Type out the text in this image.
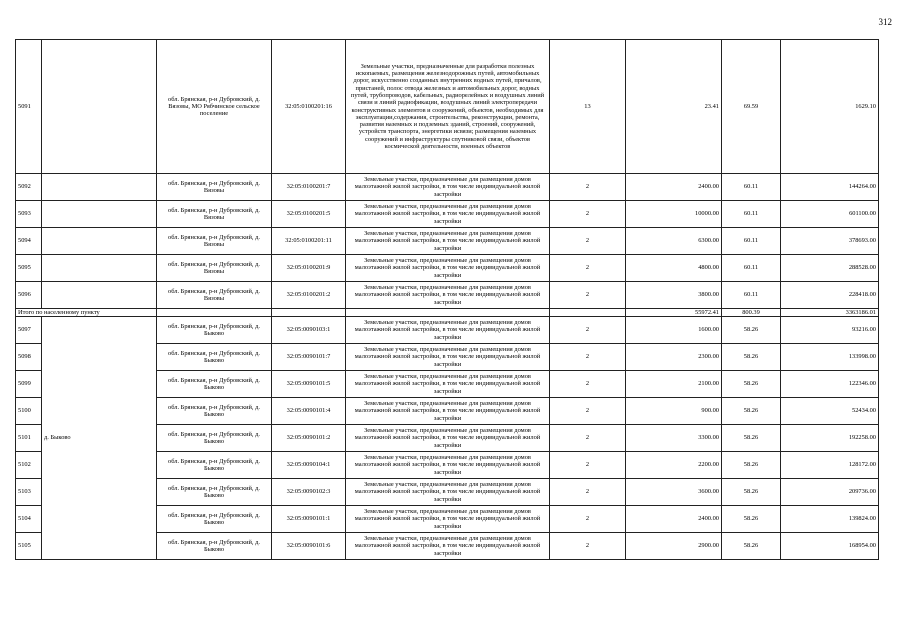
312
5091		обл. Брянская, р-н Дубровский, д. Вязовы, МО Рябчинское сельское поселение	32:05:0100201:16	Земельные участки, предназначенные для разработки полезных ископаемых, размещения железнодорожных путей, автомобильных дорог, искусственно созданных внутренних водных путей, причалов, пристаней, полос отвода железных и автомобильных дорог, водных путей, трубопроводов, кабельных, радиорелейных и воздушных линий связи и линий радиофикации, воздушных линий электропередачи конструктивных элементов и сооружений, объектов, необходимых для эксплуатации,содержания, строительства, реконструкции, ремонта, развития наземных и подземных зданий, строений, сооружений, устройств транспорта, энергетики иcвязи; размещения наземных сооружений и инфраструктуры спутниковой связи, объектов космической деятельности, военных объектов	13	23.41	69.59	1629.10
5092		обл. Брянская, р-н Дубровский, д. Вязовы	32:05:0100201:7	Земельные участки, предназначенные для размещения домов малоэтажной жилой застройки, в том числе индивидуальной жилой застройки	2	2400.00	60.11	144264.00
5093		обл. Брянская, р-н Дубровский, д. Вязовы	32:05:0100201:5	Земельные участки, предназначенные для размещения домов малоэтажной жилой застройки, в том числе индивидуальной жилой застройки	2	10000.00	60.11	601100.00
5094		обл. Брянская, р-н Дубровский, д. Вязовы	32:05:0100201:11	Земельные участки, предназначенные для размещения домов малоэтажной жилой застройки, в том числе индивидуальной жилой застройки	2	6300.00	60.11	378693.00
5095		обл. Брянская, р-н Дубровский, д. Вязовы	32:05:0100201:9	Земельные участки, предназначенные для размещения домов малоэтажной жилой застройки, в том числе индивидуальной жилой застройки	2	4800.00	60.11	288528.00
5096		обл. Брянская, р-н Дубровский, д. Вязовы	32:05:0100201:2	Земельные участки, предназначенные для размещения домов малоэтажной жилой застройки, в том числе индивидуальной жилой застройки	2	3800.00	60.11	228418.00
Итого по населенному пункту						55972.41	800.39	3363186.01
5097	д. Быково	обл. Брянская, р-н Дубровский, д. Быково	32:05:0090103:1	Земельные участки, предназначенные для размещения домов малоэтажной жилой застройки, в том числе индивидуальной жилой застройки	2	1600.00	58.26	93216.00
5098		обл. Брянская, р-н Дубровский, д. Быково	32:05:0090101:7	Земельные участки, предназначенные для размещения домов малоэтажной жилой застройки, в том числе индивидуальной жилой застройки	2	2300.00	58.26	133998.00
5099		обл. Брянская, р-н Дубровский, д. Быково	32:05:0090101:5	Земельные участки, предназначенные для размещения домов малоэтажной жилой застройки, в том числе индивидуальной жилой застройки	2	2100.00	58.26	122346.00
5100		обл. Брянская, р-н Дубровский, д. Быково	32:05:0090101:4	Земельные участки, предназначенные для размещения домов малоэтажной жилой застройки, в том числе индивидуальной жилой застройки	2	900.00	58.26	52434.00
5101		обл. Брянская, р-н Дубровский, д. Быково	32:05:0090101:2	Земельные участки, предназначенные для размещения домов малоэтажной жилой застройки, в том числе индивидуальной жилой застройки	2	3300.00	58.26	192258.00
5102		обл. Брянская, р-н Дубровский, д. Быково	32:05:0090104:1	Земельные участки, предназначенные для размещения домов малоэтажной жилой застройки, в том числе индивидуальной жилой застройки	2	2200.00	58.26	128172.00
5103		обл. Брянская, р-н Дубровский, д. Быково	32:05:0090102:3	Земельные участки, предназначенные для размещения домов малоэтажной жилой застройки, в том числе индивидуальной жилой застройки	2	3600.00	58.26	209736.00
5104		обл. Брянская, р-н Дубровский, д. Быково	32:05:0090101:1	Земельные участки, предназначенные для размещения домов малоэтажной жилой застройки, в том числе индивидуальной жилой застройки	2	2400.00	58.26	139824.00
5105		обл. Брянская, р-н Дубровский, д. Быково	32:05:0090101:6	Земельные участки, предназначенные для размещения домов малоэтажной жилой застройки, в том числе индивидуальной жилой застройки	2	2900.00	58.26	168954.00
